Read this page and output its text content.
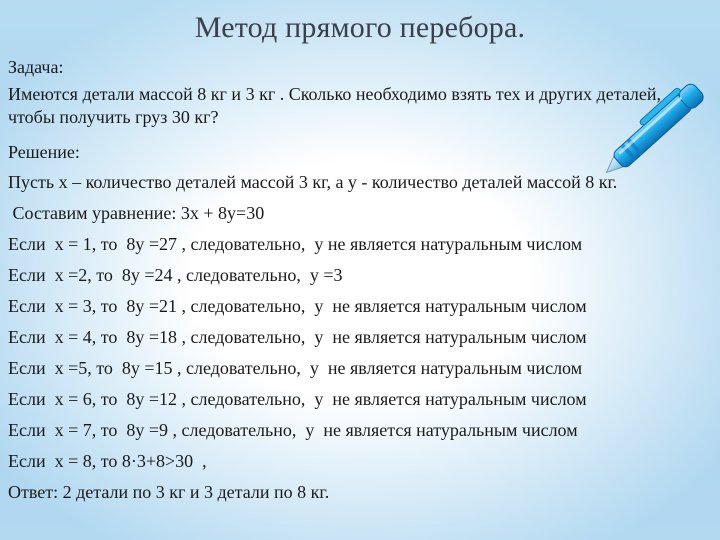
Метод прямого перебора.
Задача:
Имеются детали массой 8 кг и 3 кг . Сколько необходимо взять тех и других деталей, чтобы получить груз 30 кг?
Решение:
Пусть x – количество деталей массой 3 кг, а y - количество деталей массой 8 кг.
Составим уравнение: 3x + 8y=30
Если  x = 1, то  8y =27 , следовательно,  y не является натуральным числом
Если  x =2, то  8y =24 , следовательно,  y =3
Если  x = 3, то  8y =21 , следовательно,  y  не является натуральным числом
Если  x = 4, то  8y =18 , следовательно,  y  не является натуральным числом
Если  x =5, то  8y =15 , следовательно,  y  не является натуральным числом
Если  x = 6, то  8y =12 , следовательно,  y  не является натуральным числом
Если  x = 7, то  8y =9 , следовательно,  y  не является натуральным числом
Если  x = 8, то 8·3+8>30  ,
Ответ: 2 детали по 3 кг и 3 детали по 8 кг.
